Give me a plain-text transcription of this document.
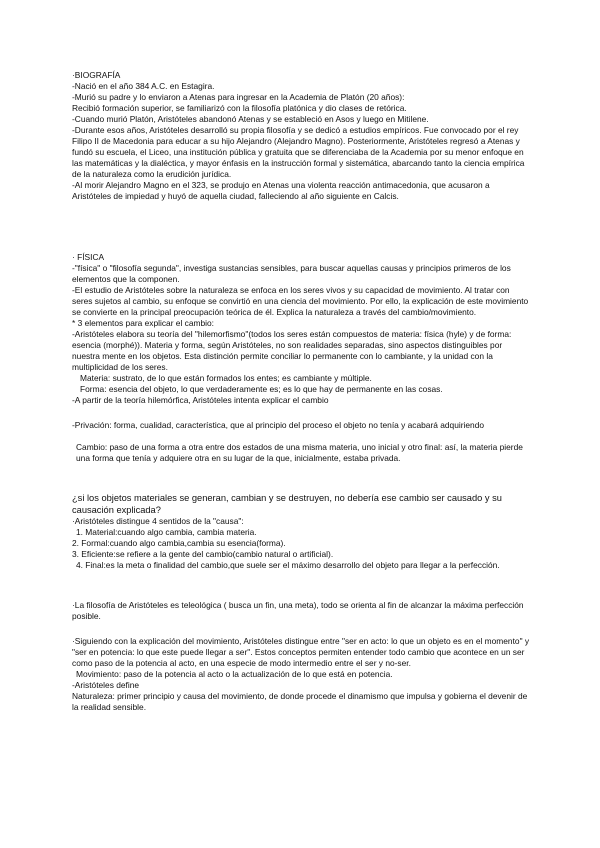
·BIOGRAFÍA

-Nació en el año 384 A.C. en Estagira.

-Murió su padre y lo enviaron a Atenas para ingresar en la Academia de Platón (20 años):

Recibió formación superior, se familiarizó con la filosofía platónica y dio clases de retórica.

-Cuando murió Platón, Aristóteles abandonó Atenas y se estableció en Asos y luego en Mitilene.

-Durante esos años, Aristóteles desarrolló su propia filosofía y se dedicó a estudios empíricos. Fue convocado por el rey Filipo II de Macedonia para educar a su hijo Alejandro (Alejandro Magno). Posteriormente, Aristóteles regresó a Atenas y fundó su escuela, el Liceo, una institución pública y gratuita que se diferenciaba de la Academia por su menor enfoque en las matemáticas y la dialéctica, y mayor énfasis en la instrucción formal y sistemática, abarcando tanto la ciencia empírica de la naturaleza como la erudición jurídica.

-Al morir Alejandro Magno en el 323, se produjo en Atenas una violenta reacción antimacedonia, que acusaron a Aristóteles de impiedad y huyó de aquella ciudad, falleciendo al año siguiente en Calcis.

· FÍSICA

-"física" o "filosofía segunda", investiga sustancias sensibles, para buscar aquellas causas y principios primeros de los elementos que la componen.

-El estudio de Aristóteles sobre la naturaleza se enfoca en los seres vivos y su capacidad de movimiento. Al tratar con seres sujetos al cambio, su enfoque se convirtió en una ciencia del movimiento. Por ello, la explicación de este movimiento se convierte en la principal preocupación teórica de él. Explica la naturaleza a través del cambio/movimiento.

* 3 elementos para explicar el cambio:

-Aristóteles elabora su teoría del "hilemorfismo"(todos los seres están compuestos de materia: física (hyle) y de forma: esencia (morphé)). Materia y forma, según Aristóteles, no son realidades separadas, sino aspectos distinguibles por nuestra mente en los objetos. Esta distinción permite conciliar lo permanente con lo cambiante, y la unidad con la multiplicidad de los seres.

Materia: sustrato, de lo que están formados los entes; es cambiante y múltiple.

Forma: esencia del objeto, lo que verdaderamente es; es lo que hay de permanente en las cosas.

-A partir de la teoría hilemórfica, Aristóteles intenta explicar el cambio

-Privación: forma, cualidad, característica, que al principio del proceso el objeto no tenía y acabará adquiriendo

Cambio: paso de una forma a otra entre dos estados de una misma materia, uno inicial y otro final: así, la materia pierde una forma que tenía y adquiere otra en su lugar de la que, inicialmente, estaba privada.

¿si los objetos materiales se generan, cambian y se destruyen, no debería ese cambio ser causado y su causación explicada?

·Aristóteles distingue 4 sentidos de la "causa":

1. Material:cuando algo cambia, cambia materia.

2. Formal:cuando algo cambia,cambia su esencia(forma).

3. Eficiente:se refiere a la gente del cambio(cambio natural o artificial).

4. Final:es la meta o finalidad del cambio,que suele ser el máximo desarrollo del objeto para llegar a la perfección.

·La filosofía de Aristóteles es teleológica ( busca un fin, una meta), todo se orienta al fin de alcanzar la máxima perfección posible.

·Siguiendo con la explicación del movimiento, Aristóteles distingue entre "ser en acto: lo que un objeto es en el momento" y "ser en potencia: lo que este puede llegar a ser". Estos conceptos permiten entender todo cambio que acontece en un ser como paso de la potencia al acto, en una especie de modo intermedio entre el ser y no-ser.

Movimiento: paso de la potencia al acto o la actualización de lo que está en potencia.

-Aristóteles define

Naturaleza: primer principio y causa del movimiento, de donde procede el dinamismo que impulsa y gobierna el devenir de la realidad sensible.
